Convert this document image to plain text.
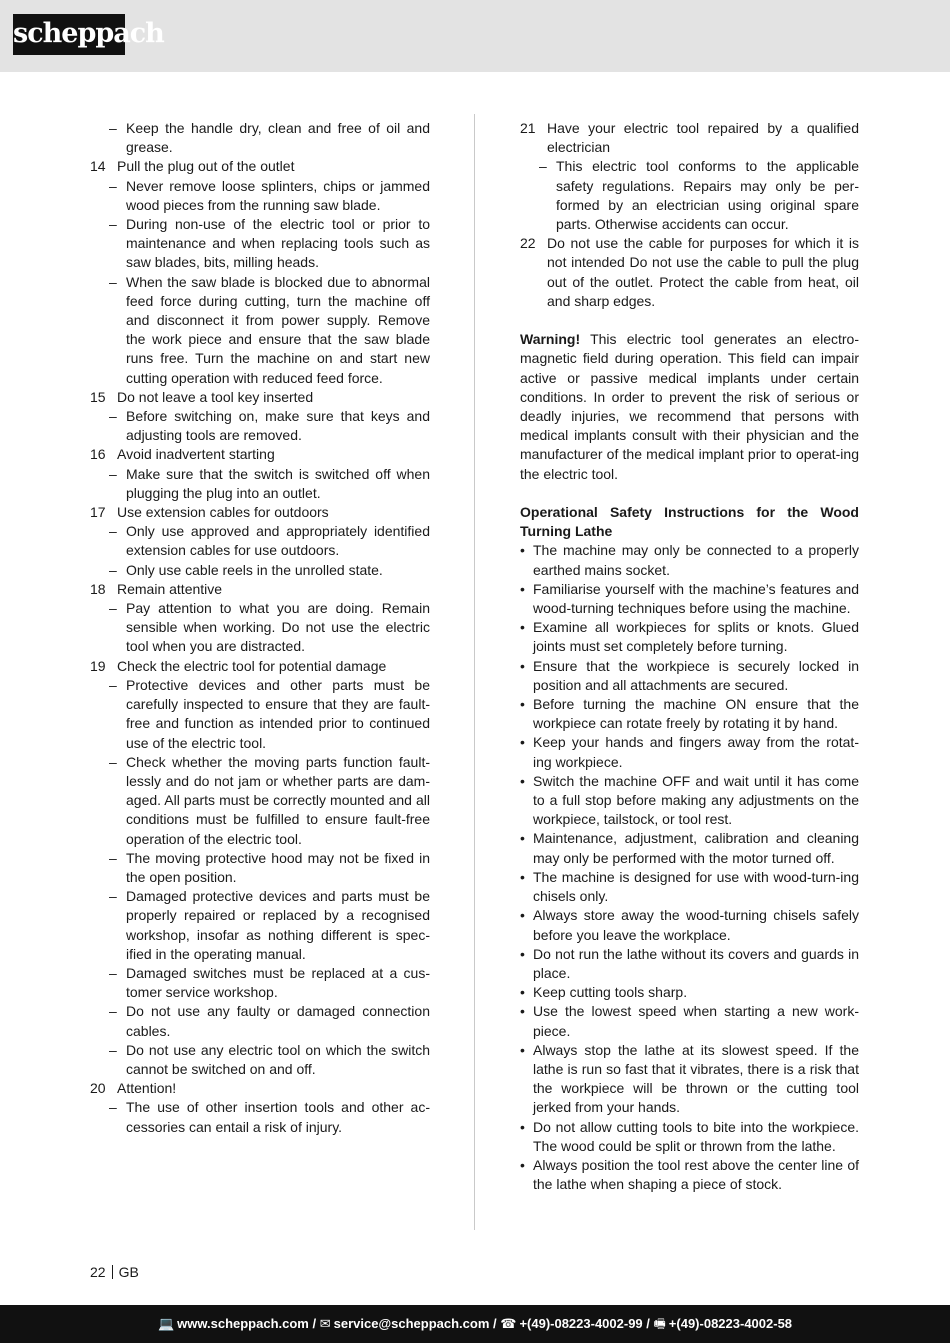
scheppach
– Keep the handle dry, clean and free of oil and grease.
14 Pull the plug out of the outlet
– Never remove loose splinters, chips or jammed wood pieces from the running saw blade.
– During non-use of the electric tool or prior to maintenance and when replacing tools such as saw blades, bits, milling heads.
– When the saw blade is blocked due to abnormal feed force during cutting, turn the machine off and disconnect it from power supply. Remove the work piece and ensure that the saw blade runs free. Turn the machine on and start new cutting operation with reduced feed force.
15 Do not leave a tool key inserted
– Before switching on, make sure that keys and adjusting tools are removed.
16 Avoid inadvertent starting
– Make sure that the switch is switched off when plugging the plug into an outlet.
17 Use extension cables for outdoors
– Only use approved and appropriately identified extension cables for use outdoors.
– Only use cable reels in the unrolled state.
18 Remain attentive
– Pay attention to what you are doing. Remain sensible when working. Do not use the electric tool when you are distracted.
19 Check the electric tool for potential damage
– Protective devices and other parts must be carefully inspected to ensure that they are fault-free and function as intended prior to continued use of the electric tool.
– Check whether the moving parts function fault-lessly and do not jam or whether parts are dam-aged. All parts must be correctly mounted and all conditions must be fulfilled to ensure fault-free operation of the electric tool.
– The moving protective hood may not be fixed in the open position.
– Damaged protective devices and parts must be properly repaired or replaced by a recognised workshop, insofar as nothing different is spec-ified in the operating manual.
– Damaged switches must be replaced at a cus-tomer service workshop.
– Do not use any faulty or damaged connection cables.
– Do not use any electric tool on which the switch cannot be switched on and off.
20 Attention!
– The use of other insertion tools and other ac-cessories can entail a risk of injury.
21 Have your electric tool repaired by a qualified electrician
– This electric tool conforms to the applicable safety regulations. Repairs may only be per-formed by an electrician using original spare parts. Otherwise accidents can occur.
22 Do not use the cable for purposes for which it is not intended Do not use the cable to pull the plug out of the outlet. Protect the cable from heat, oil and sharp edges.
Warning! This electric tool generates an electro-magnetic field during operation. This field can impair active or passive medical implants under certain conditions. In order to prevent the risk of serious or deadly injuries, we recommend that persons with medical implants consult with their physician and the manufacturer of the medical implant prior to operat-ing the electric tool.
Operational Safety Instructions for the Wood Turning Lathe
• The machine may only be connected to a properly earthed mains socket.
• Familiarise yourself with the machine’s features and wood-turning techniques before using the machine.
• Examine all workpieces for splits or knots. Glued joints must set completely before turning.
• Ensure that the workpiece is securely locked in position and all attachments are secured.
• Before turning the machine ON ensure that the workpiece can rotate freely by rotating it by hand.
• Keep your hands and fingers away from the rotat-ing workpiece.
• Switch the machine OFF and wait until it has come to a full stop before making any adjustments on the workpiece, tailstock, or tool rest.
• Maintenance, adjustment, calibration and cleaning may only be performed with the motor turned off.
• The machine is designed for use with wood-turn-ing chisels only.
• Always store away the wood-turning chisels safely before you leave the workplace.
• Do not run the lathe without its covers and guards in place.
• Keep cutting tools sharp.
• Use the lowest speed when starting a new work-piece.
• Always stop the lathe at its slowest speed. If the lathe is run so fast that it vibrates, there is a risk that the workpiece will be thrown or the cutting tool jerked from your hands.
• Do not allow cutting tools to bite into the workpiece. The wood could be split or thrown from the lathe.
• Always position the tool rest above the center line of the lathe when shaping a piece of stock.
22 GB
💻 www.scheppach.com / ✉ service@scheppach.com / ☎ +(49)-08223-4002-99 / 🖷 +(49)-08223-4002-58
